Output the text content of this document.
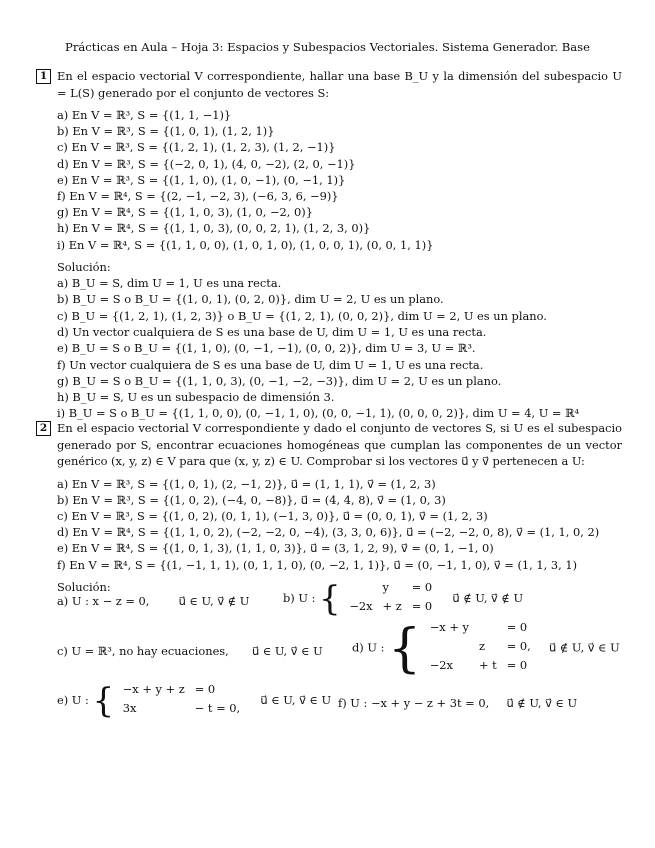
Prácticas en Aula – Hoja 3: Espacios y Subespacios Vectoriales. Sistema Generador. Base
1 En el espacio vectorial V correspondiente, hallar una base B_U y la dimensión del subespacio U = L(S) generado por el conjunto de vectores S:
a) En V = ℝ³, S = {(1, 1, −1)}
b) En V = ℝ³, S = {(1, 0, 1), (1, 2, 1)}
c) En V = ℝ³, S = {(1, 2, 1), (1, 2, 3), (1, 2, −1)}
d) En V = ℝ³, S = {(−2, 0, 1), (4, 0, −2), (2, 0, −1)}
e) En V = ℝ³, S = {(1, 1, 0), (1, 0, −1), (0, −1, 1)}
f) En V = ℝ⁴, S = {(2, −1, −2, 3), (−6, 3, 6, −9)}
g) En V = ℝ⁴, S = {(1, 1, 0, 3), (1, 0, −2, 0)}
h) En V = ℝ⁴, S = {(1, 1, 0, 3), (0, 0, 2, 1), (1, 2, 3, 0)}
i) En V = ℝ⁴, S = {(1, 1, 0, 0), (1, 0, 1, 0), (1, 0, 0, 1), (0, 0, 1, 1)}
Solución:
a) B_U = S, dim U = 1, U es una recta.
b) B_U = S o B_U = {(1, 0, 1), (0, 2, 0)}, dim U = 2, U es un plano.
c) B_U = {(1, 2, 1), (1, 2, 3)} o B_U = {(1, 2, 1), (0, 0, 2)}, dim U = 2, U es un plano.
d) Un vector cualquiera de S es una base de U, dim U = 1, U es una recta.
e) B_U = S o B_U = {(1, 1, 0), (0, −1, −1), (0, 0, 2)}, dim U = 3, U = ℝ³.
f) Un vector cualquiera de S es una base de U, dim U = 1, U es una recta.
g) B_U = S o B_U = {(1, 1, 0, 3), (0, −1, −2, −3)}, dim U = 2, U es un plano.
h) B_U = S, U es un subespacio de dimensión 3.
i) B_U = S o B_U = {(1, 1, 0, 0), (0, −1, 1, 0), (0, 0, −1, 1), (0, 0, 0, 2)}, dim U = 4, U = ℝ⁴
2 En el espacio vectorial V correspondiente y dado el conjunto de vectores S, si U es el subespacio generado por S, encontrar ecuaciones homogéneas que cumplan las componentes de un vector genérico (x, y, z) ∈ V para que (x, y, z) ∈ U. Comprobar si los vectores u⃗ y v⃗ pertenecen a U:
a) En V = ℝ³, S = {(1, 0, 1), (2, −1, 2)}, u⃗ = (1, 1, 1), v⃗ = (1, 2, 3)
b) En V = ℝ³, S = {(1, 0, 2), (−4, 0, −8)}, u⃗ = (4, 4, 8), v⃗ = (1, 0, 3)
c) En V = ℝ³, S = {(1, 0, 2), (0, 1, 1), (−1, 3, 0)}, u⃗ = (0, 0, 1), v⃗ = (1, 2, 3)
d) En V = ℝ⁴, S = {(1, 1, 0, 2), (−2, −2, 0, −4), (3, 3, 0, 6)}, u⃗ = (−2, −2, 0, 8), v⃗ = (1, 1, 0, 2)
e) En V = ℝ⁴, S = {(1, 0, 1, 3), (1, 1, 0, 3)}, u⃗ = (3, 1, 2, 9), v⃗ = (0, 1, −1, 0)
f) En V = ℝ⁴, S = {(1, −1, 1, 1), (0, 1, 1, 0), (0, −2, 1, 1)}, u⃗ = (0, −1, 1, 0), v⃗ = (1, 1, 3, 1)
Solución:
a) U : x − z = 0,	u⃗ ∈ U, v⃗ ∉ U	b) U : {		y	= 0
−2x	+ z	= 0  u⃗ ∉ U, v⃗ ∉ U
c) U = ℝ³, no hay ecuaciones, u⃗ ∈ U, v⃗ ∈ U	d) U : { −x + y		= 0
	z	= 0,
−2x	+ t	= 0  u⃗ ∉ U, v⃗ ∈ U
e) U : { −x + y + z	= 0
3x	− t = 0,  u⃗ ∈ U, v⃗ ∈ U f) U : −x + y − z + 3t = 0, u⃗ ∉ U, v⃗ ∈ U
